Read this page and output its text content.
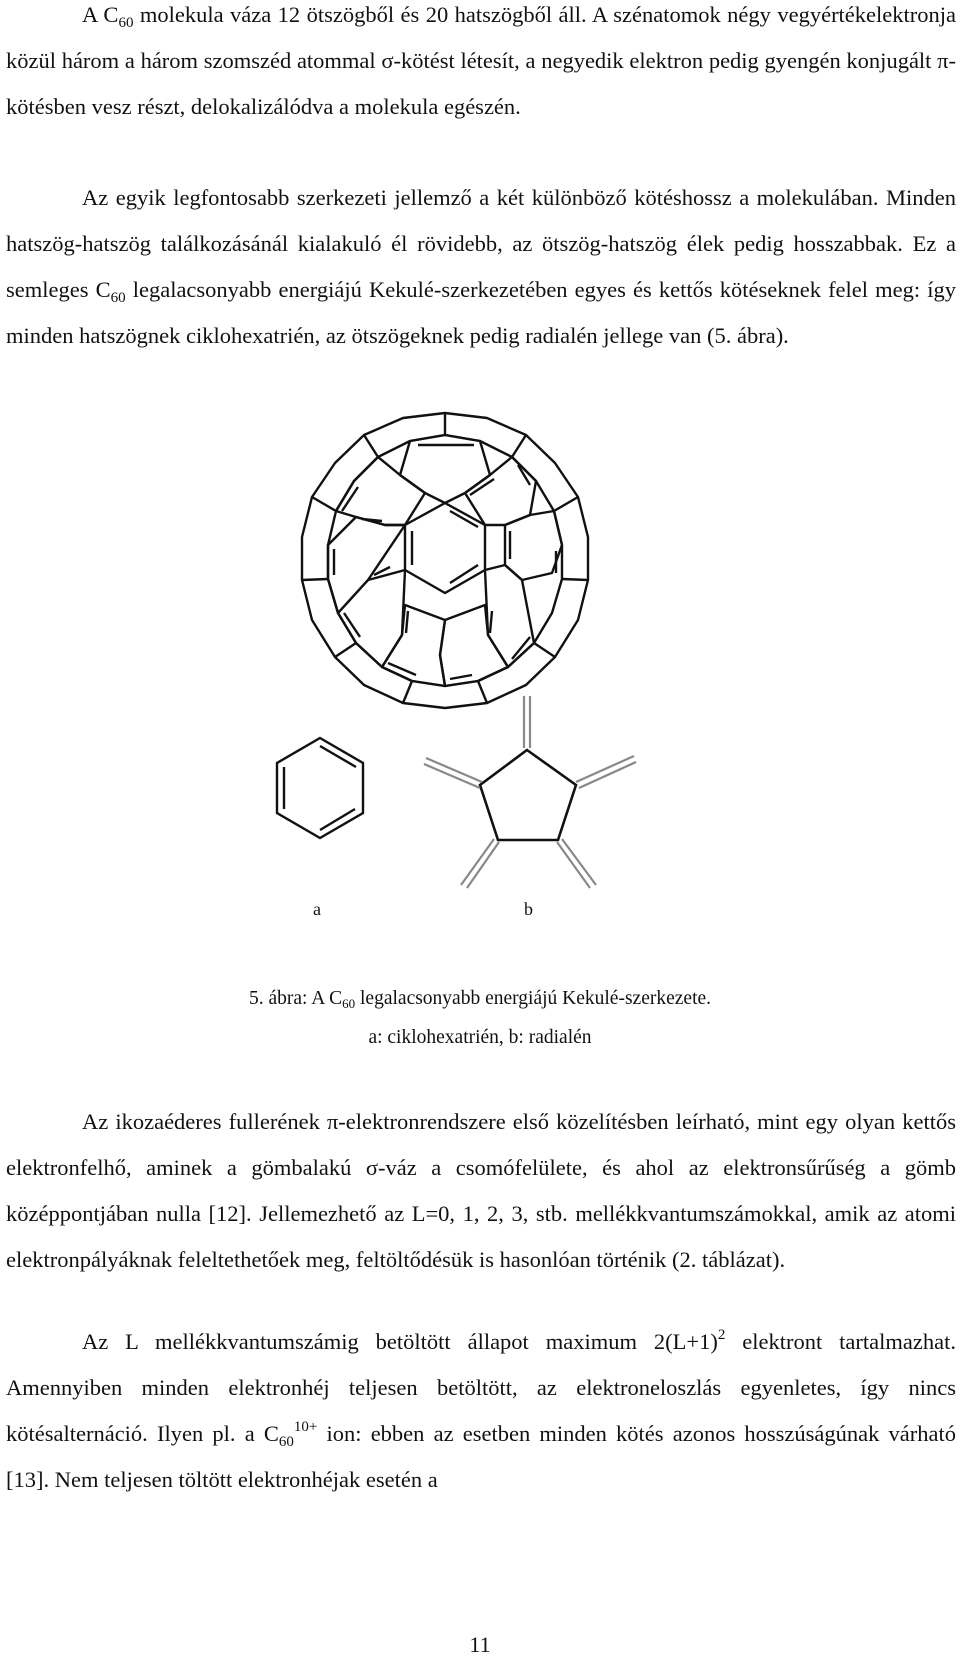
A $C_{60}$ molekula váza 12 ötszögből és 20 hatszögből áll. A szénatomok négy vegyértékelektronja közül három a három szomszéd atommal σ-kötést létesít, a negyedik elektron pedig gyengén konjugált π-kötésben vesz részt, delokalizálódva a molekula egészén.

Az egyik legfontosabb szerkezeti jellemző a két különböző kötéshossz a molekulában. Minden hatszög-hatszög találkozásánál kialakuló él rövidebb, az ötszög-hatszög élek pedig hosszabbak. Ez a semleges $C_{60}$ legalacsonyabb energiájú Kekulé-szerkezetében egyes és kettős kötéseknek felel meg: így minden hatszögnek ciklohexatrién, az ötszögeknek pedig radialén jellege van (5. ábra).

a	b
5. ábra: A $C_{60}$ legalacsonyabb energiájú Kekulé-szerkezete.
a: ciklohexatrién, b: radialén

Az ikozaéderes fullerének π-elektronrendszere első közelítésben leírható, mint egy olyan kettős elektronfelhő, aminek a gömbalakú σ-váz a csomófelülete, és ahol az elektronsűrűség a gömb középpontjában nulla [12]. Jellemezhető az L=0, 1, 2, 3, stb. mellékkvantumszámokkal, amik az atomi elektronpályáknak feleltethetőek meg, feltöltődésük is hasonlóan történik (2. táblázat).

Az L mellékkvantumszámig betöltött állapot maximum $2(L+1)^2$ elektront tartalmazhat. Amennyiben minden elektronhéj teljesen betöltött, az elektroneloszlás egyenletes, így nincs kötésalternáció. Ilyen pl. a $C_{60}^{10+}$ ion: ebben az esetben minden kötés azonos hosszúságúnak várható [13]. Nem teljesen töltött elektronhéjak esetén a

11
